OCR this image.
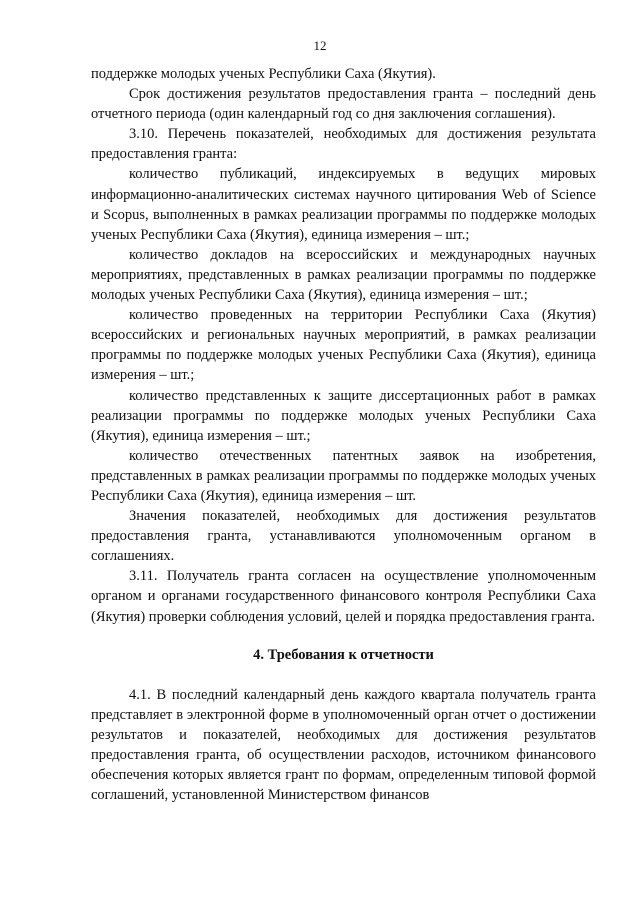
12

поддержке молодых ученых Республики Саха (Якутия).

Срок достижения результатов предоставления гранта – последний день отчетного периода (один календарный год со дня заключения соглашения).

3.10. Перечень показателей, необходимых для достижения результата предоставления гранта:

количество публикаций, индексируемых в ведущих мировых информационно-аналитических системах научного цитирования Web of Science и Scopus, выполненных в рамках реализации программы по поддержке молодых ученых Республики Саха (Якутия), единица измерения – шт.;

количество докладов на всероссийских и международных научных мероприятиях, представленных в рамках реализации программы по поддержке молодых ученых Республики Саха (Якутия), единица измерения – шт.;

количество проведенных на территории Республики Саха (Якутия) всероссийских и региональных научных мероприятий, в рамках реализации программы по поддержке молодых ученых Республики Саха (Якутия), единица измерения – шт.;

количество представленных к защите диссертационных работ в рамках реализации программы по поддержке молодых ученых Республики Саха (Якутия), единица измерения – шт.;

количество отечественных патентных заявок на изобретения, представленных в рамках реализации программы по поддержке молодых ученых Республики Саха (Якутия), единица измерения – шт.

Значения показателей, необходимых для достижения результатов предоставления гранта, устанавливаются уполномоченным органом в соглашениях.

3.11. Получатель гранта согласен на осуществление уполномоченным органом и органами государственного финансового контроля Республики Саха (Якутия) проверки соблюдения условий, целей и порядка предоставления гранта.

4. Требования к отчетности

4.1. В последний календарный день каждого квартала получатель гранта представляет в электронной форме в уполномоченный орган отчет о достижении результатов и показателей, необходимых для достижения результатов предоставления гранта, об осуществлении расходов, источником финансового обеспечения которых является грант по формам, определенным типовой формой соглашений, установленной Министерством финансов
